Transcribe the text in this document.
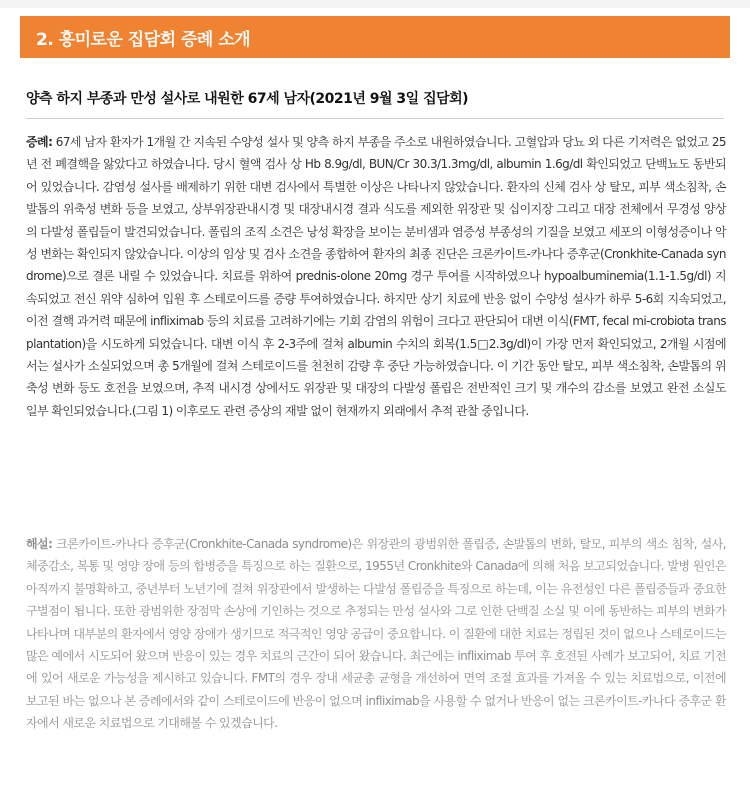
2. 흥미로운 집담회 증례 소개
양측 하지 부종과 만성 설사로 내원한 67세 남자(2021년 9월 3일 집담회)

증례: 67세 남자 환자가 1개월 간 지속된 수양성 설사 및 양측 하지 부종을 주소로 내원하였습니다. 고혈압과 당뇨 외 다른 기저력은 없었고 25년 전 폐결핵을 앓았다고 하였습니다. 당시 혈액 검사 상 Hb 8.9g/dl, BUN/Cr 30.3/1.3mg/dl, albumin 1.6g/dl 확인되었고 단백뇨도 동반되어 있었습니다. 감염성 설사를 배제하기 위한 대변 검사에서 특별한 이상은 나타나지 않았습니다. 환자의 신체 검사 상 탈모, 피부 색소침착, 손발톱의 위축성 변화 등을 보였고, 상부위장관내시경 및 대장내시경 결과 식도를 제외한 위장관 및 십이지장 그리고 대장 전체에서 무경성 양상의 다발성 폴립들이 발견되었습니다. 폴립의 조직 소견은 낭성 확장을 보이는 분비샘과 염증성 부종성의 기질을 보였고 세포의 이형성증이나 악성 변화는 확인되지 않았습니다. 이상의 임상 및 검사 소견을 종합하여 환자의 최종 진단은 크론카이트-카나다 증후군(Cronkhite-Canada syndrome)으로 결론 내릴 수 있었습니다. 치료를 위하여 prednis-olone 20mg 경구 투여를 시작하였으나 hypoalbuminemia(1.1-1.5g/dl) 지속되었고 전신 위약 심하여 입원 후 스테로이드를 증량 투여하였습니다. 하지만 상기 치료에 반응 없이 수양성 설사가 하루 5-6회 지속되었고, 이전 결핵 과거력 때문에 infliximab 등의 치료를 고려하기에는 기회 감염의 위험이 크다고 판단되어 대변 이식(FMT, fecal mi-crobiota transplantation)을 시도하게 되었습니다. 대변 이식 후 2-3주에 걸쳐 albumin 수치의 회복(1.5□2.3g/dl)이 가장 먼저 확인되었고, 2개월 시점에서는 설사가 소실되었으며 총 5개월에 걸쳐 스테로이드를 천천히 감량 후 중단 가능하였습니다. 이 기간 동안 탈모, 피부 색소침착, 손발톱의 위축성 변화 등도 호전을 보였으며, 추적 내시경 상에서도 위장관 및 대장의 다발성 폴립은 전반적인 크기 및 개수의 감소를 보였고 완전 소실도 일부 확인되었습니다.(그림 1) 이후로도 관련 증상의 재발 없이 현재까지 외래에서 추적 관찰 중입니다.

해설: 크론카이트-카나다 증후군(Cronkhite-Canada syndrome)은 위장관의 광범위한 폴립증, 손발톱의 변화, 탈모, 피부의 색소 침착, 설사, 체중감소, 복통 및 영양 장애 등의 합병증을 특징으로 하는 질환으로, 1955년 Cronkhite와 Canada에 의해 처음 보고되었습니다. 발병 원인은 아직까지 불명확하고, 중년부터 노년기에 걸쳐 위장관에서 발생하는 다발성 폴립증을 특징으로 하는데, 이는 유전성인 다른 폴립증들과 중요한 구별점이 됩니다. 또한 광범위한 장점막 손상에 기인하는 것으로 추정되는 만성 설사와 그로 인한 단백질 소실 및 이에 동반하는 피부의 변화가 나타나며 대부분의 환자에서 영양 장애가 생기므로 적극적인 영양 공급이 중요합니다. 이 질환에 대한 치료는 정립된 것이 없으나 스테로이드는 많은 예에서 시도되어 왔으며 반응이 있는 경우 치료의 근간이 되어 왔습니다. 최근에는 infliximab 투여 후 호전된 사례가 보고되어, 치료 기전에 있어 새로운 가능성을 제시하고 있습니다. FMT의 경우 장내 세균총 균형을 개선하여 면역 조절 효과를 가져올 수 있는 치료법으로, 이전에 보고된 바는 없으나 본 증례에서와 같이 스테로이드에 반응이 없으며 infliximab을 사용할 수 없거나 반응이 없는 크론카이트-카나다 증후군 환자에서 새로운 치료법으로 기대해볼 수 있겠습니다.
